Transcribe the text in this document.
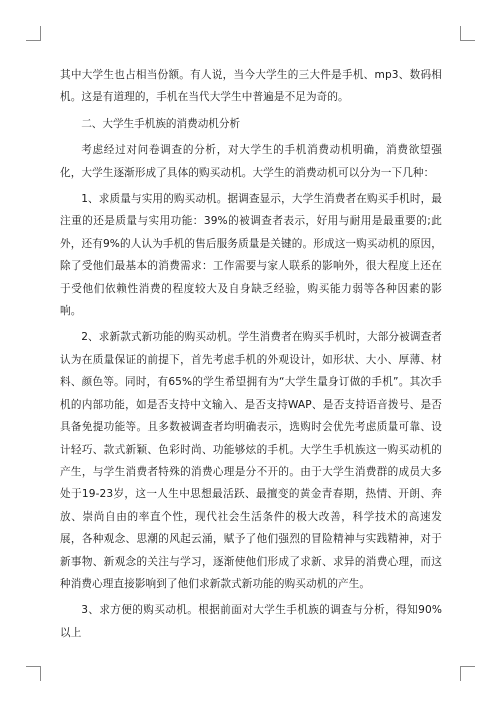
其中大学生也占相当份额。有人说，当今大学生的三大件是手机、mp3、数码相机。这是有道理的，手机在当代大学生中普遍是不足为奇的。

二、大学生手机族的消费动机分析

考虑经过对问卷调查的分析，对大学生的手机消费动机明确，消费欲望强化，大学生逐渐形成了具体的购买动机。大学生的消费动机可以分为一下几种：

1、求质量与实用的购买动机。据调查显示，大学生消费者在购买手机时，最注重的还是质量与实用功能：39%的被调查者表示，好用与耐用是最重要的;此外，还有9%的人认为手机的售后服务质量是关键的。形成这一购买动机的原因，除了受他们最基本的消费需求：工作需要与家人联系的影响外，很大程度上还在于受他们依赖性消费的程度较大及自身缺乏经验，购买能力弱等各种因素的影响。

2、求新款式新功能的购买动机。学生消费者在购买手机时，大部分被调查者认为在质量保证的前提下，首先考虑手机的外观设计，如形状、大小、厚薄、材料、颜色等。同时，有65%的学生希望拥有为“大学生量身订做的手机”。其次手机的内部功能，如是否支持中文输入、是否支持WAP、是否支持语音拨号、是否具备免提功能等。且多数被调查者均明确表示，选购时会优先考虑质量可靠、设计轻巧、款式新颖、色彩时尚、功能够炫的手机。大学生手机族这一购买动机的产生，与学生消费者特殊的消费心理是分不开的。由于大学生消费群的成员大多处于19-23岁，这一人生中思想最活跃、最擅变的黄金青春期，热情、开朗、奔放、崇尚自由的率直个性，现代社会生活条件的极大改善，科学技术的高速发展，各种观念、思潮的风起云涌，赋予了他们强烈的冒险精神与实践精神，对于新事物、新观念的关注与学习，逐渐使他们形成了求新、求异的消费心理，而这种消费心理直接影响到了他们求新款式新功能的购买动机的产生。

3、求方便的购买动机。根据前面对大学生手机族的调查与分析，得知90%以上
